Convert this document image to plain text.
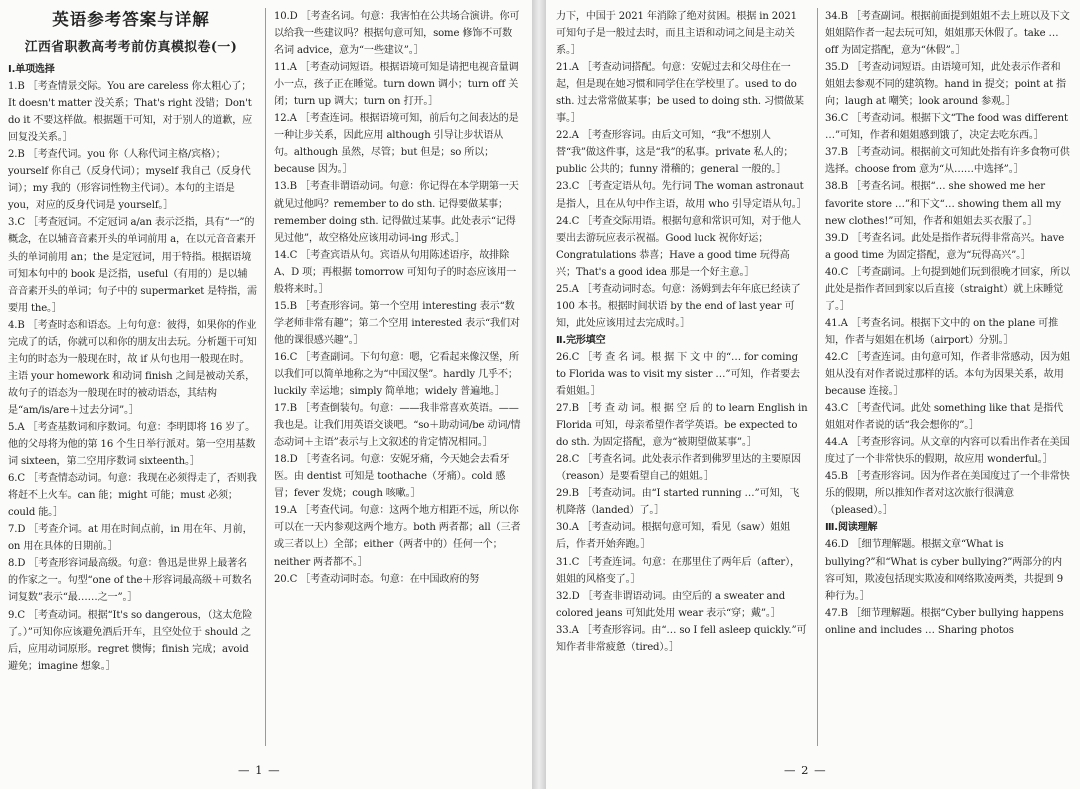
英语参考答案与详解
江西省职教高考考前仿真模拟卷(一)

Ⅰ.单项选择

1.B ［考查情景交际。You are careless 你太粗心了；It doesn't matter 没关系；That's right 没错；Don't do it 不要这样做。根据题干可知，对于别人的道歉，应回复没关系。］

2.B ［考查代词。you 你（人称代词主格/宾格）；yourself 你自己（反身代词）；myself 我自己（反身代词）；my 我的（形容词性物主代词）。本句的主语是 you，对应的反身代词是 yourself。］

3.C ［考查冠词。不定冠词 a/an 表示泛指，具有“一”的概念，在以辅音音素开头的单词前用 a，在以元音音素开头的单词前用 an；the 是定冠词，用于特指。根据语境可知本句中的 book 是泛指，useful（有用的）是以辅音音素开头的单词；句子中的 supermarket 是特指，需要用 the。］

4.B ［考查时态和语态。上句句意：彼得，如果你的作业完成了的话，你就可以和你的朋友出去玩。分析题干可知主句的时态为一般现在时，故 if 从句也用一般现在时。主语 your homework 和动词 finish 之间是被动关系，故句子的语态为一般现在时的被动语态，其结构是“am/is/are＋过去分词”。］

5.A ［考查基数词和序数词。句意：李明即将 16 岁了。他的父母将为他的第 16 个生日举行派对。第一空用基数词 sixteen，第二空用序数词 sixteenth。］

6.C ［考查情态动词。句意：我现在必须得走了，否则我将赶不上火车。can 能；might 可能；must 必须；could 能。］

7.D ［考查介词。at 用在时间点前，in 用在年、月前，on 用在具体的日期前。］

8.D ［考查形容词最高级。句意：鲁迅是世界上最著名的作家之一。句型“one of the＋形容词最高级＋可数名词复数”表示“最……之一”。］

9.C ［考查动词。根据“It's so dangerous，（这太危险了。）”可知你应该避免酒后开车，且空处位于 should 之后，应用动词原形。regret 懊悔；finish 完成；avoid 避免；imagine 想象。］

10.D ［考查名词。句意：我害怕在公共场合演讲。你可以给我一些建议吗？根据句意可知，some 修饰不可数名词 advice，意为“一些建议”。］

11.A ［考查动词短语。根据语境可知是请把电视音量调小一点，孩子正在睡觉。turn down 调小；turn off 关闭；turn up 调大；turn on 打开。］

12.A ［考查连词。根据语境可知，前后句之间表达的是一种让步关系，因此应用 although 引导让步状语从句。although 虽然，尽管；but 但是；so 所以；because 因为。］

13.B ［考查非谓语动词。句意：你记得在本学期第一天就见过他吗？remember to do sth. 记得要做某事；remember doing sth. 记得做过某事。此处表示“记得见过他”，故空格处应该用动词-ing 形式。］

14.C ［考查宾语从句。宾语从句用陈述语序，故排除 A、D 项；再根据 tomorrow 可知句子的时态应该用一般将来时。］

15.B ［考查形容词。第一个空用 interesting 表示“数学老师非常有趣”；第二个空用 interested 表示“我们对他的课很感兴趣”。］

16.C ［考查副词。下句句意：嗯，它看起来像汉堡，所以我们可以简单地称之为“中国汉堡”。hardly 几乎不；luckily 幸运地；simply 简单地；widely 普遍地。］

17.B ［考查倒装句。句意：——我非常喜欢英语。——我也是。让我们用英语交谈吧。“so＋助动词/be 动词/情态动词＋主语”表示与上文叙述的肯定情况相同。］

18.D ［考查名词。句意：安妮牙痛，今天她会去看牙医。由 dentist 可知是 toothache（牙痛）。cold 感冒；fever 发烧；cough 咳嗽。］

19.A ［考查代词。句意：这两个地方相距不远，所以你可以在一天内参观这两个地方。both 两者都；all（三者或三者以上）全部；either（两者中的）任何一个；neither 两者都不。］

20.C ［考查动词时态。句意：在中国政府的努

— 1 —

力下，中国于 2021 年消除了绝对贫困。根据 in 2021 可知句子是一般过去时，而且主语和动词之间是主动关系。］

21.A ［考查动词搭配。句意：安妮过去和父母住在一起，但是现在她习惯和同学住在学校里了。used to do sth. 过去常常做某事；be used to doing sth. 习惯做某事。］

22.A ［考查形容词。由后文可知，“我”不想别人替“我”做这件事，这是“我”的私事。private 私人的；public 公共的；funny 滑稽的；general 一般的。］

23.C ［考查定语从句。先行词 The woman astronaut 是指人，且在从句中作主语，故用 who 引导定语从句。］

24.C ［考查交际用语。根据句意和常识可知，对于他人要出去游玩应表示祝福。Good luck 祝你好运；Congratulations 恭喜；Have a good time 玩得高兴；That's a good idea 那是一个好主意。］

25.A ［考查动词时态。句意：汤姆到去年年底已经读了 100 本书。根据时间状语 by the end of last year 可知，此处应该用过去完成时。］

Ⅱ.完形填空

26.C ［考 查 名 词。根 据 下 文 中 的“… for coming to Florida was to visit my sister …”可知，作者要去看姐姐。］

27.B ［考 查 动 词。根 据 空 后 的 to learn English in Florida 可知，母亲希望作者学英语。be expected to do sth. 为固定搭配，意为“被期望做某事”。］

28.C ［考查名词。此处表示作者到佛罗里达的主要原因（reason）是要看望自己的姐姐。］

29.B ［考查动词。由“I started running …”可知，飞机降落（landed）了。］

30.A ［考查动词。根据句意可知，看见（saw）姐姐后，作者开始奔跑。］

31.C ［考查连词。句意：在那里住了两年后（after），姐姐的风格变了。］

32.D ［考查非谓语动词。由空后的 a sweater and colored jeans 可知此处用 wear 表示“穿；戴”。］

33.A ［考查形容词。由“… so I fell asleep quickly.”可知作者非常疲惫（tired）。］

34.B ［考查副词。根据前面提到姐姐不去上班以及下文姐姐陪作者一起去玩可知，姐姐那天休假了。take … off 为固定搭配，意为“休假”。］

35.D ［考查动词短语。由语境可知，此处表示作者和姐姐去参观不同的建筑物。hand in 提交；point at 指向；laugh at 嘲笑；look around 参观。］

36.C ［考查动词。根据下文“The food was different …”可知，作者和姐姐感到饿了，决定去吃东西。］

37.B ［考查动词。根据前文可知此处指有许多食物可供选择。choose from 意为“从……中选择”。］

38.B ［考查名词。根据“… she showed me her favorite store …”和下文“… showing them all my new clothes!”可知，作者和姐姐去买衣服了。］

39.D ［考查名词。此处是指作者玩得非常高兴。have a good time 为固定搭配，意为“玩得高兴”。］

40.C ［考查副词。上句提到她们玩到很晚才回家，所以此处是指作者回到家以后直接（straight）就上床睡觉了。］

41.A ［考查名词。根据下文中的 on the plane 可推知，作者与姐姐在机场（airport）分别。］

42.C ［考查连词。由句意可知，作者非常感动，因为姐姐从没有对作者说过那样的话。本句为因果关系，故用 because 连接。］

43.C ［考查代词。此处 something like that 是指代姐姐对作者说的话“我会想你的”。］

44.A ［考查形容词。从文章的内容可以看出作者在美国度过了一个非常快乐的假期，故应用 wonderful。］

45.B ［考查形容词。因为作者在美国度过了一个非常快乐的假期，所以推知作者对这次旅行很满意（pleased）。］

Ⅲ.阅读理解

46.D ［细节理解题。根据文章“What is bullying?”和“What is cyber bullying?”两部分的内容可知，欺凌包括现实欺凌和网络欺凌两类，共提到 9 种行为。］

47.B ［细节理解题。根据“Cyber bullying happens online and includes … Sharing photos

— 2 —
